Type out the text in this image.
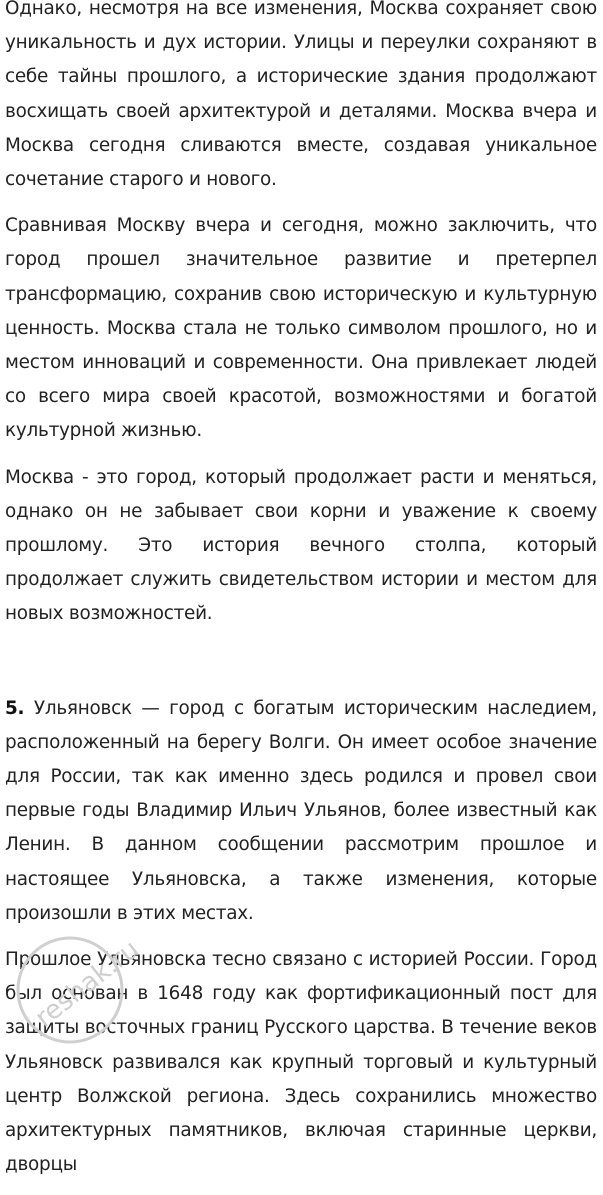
Однако, несмотря на все изменения, Москва сохраняет свою уникальность и дух истории. Улицы и переулки сохраняют в себе тайны прошлого, а исторические здания продолжают восхищать своей архитектурой и деталями. Москва вчера и Москва сегодня сливаются вместе, создавая уникальное сочетание старого и нового.

Сравнивая Москву вчера и сегодня, можно заключить, что город прошел значительное развитие и претерпел трансформацию, сохранив свою историческую и культурную ценность. Москва стала не только символом прошлого, но и местом инноваций и современности. Она привлекает людей со всего мира своей красотой, возможностями и богатой культурной жизнью.

Москва - это город, который продолжает расти и меняться, однако он не забывает свои корни и уважение к своему прошлому. Это история вечного столпа, который продолжает служить свидетельством истории и местом для новых возможностей.

5. Ульяновск — город с богатым историческим наследием, расположенный на берегу Волги. Он имеет особое значение для России, так как именно здесь родился и провел свои первые годы Владимир Ильич Ульянов, более известный как Ленин. В данном сообщении рассмотрим прошлое и настоящее Ульяновска, а также изменения, которые произошли в этих местах.

Прошлое Ульяновска тесно связано с историей России. Город был основан в 1648 году как фортификационный пост для защиты восточных границ Русского царства. В течение веков Ульяновск развивался как крупный торговый и культурный центр Волжской региона. Здесь сохранились множество архитектурных памятников, включая старинные церкви, дворцы

reshak.ru
